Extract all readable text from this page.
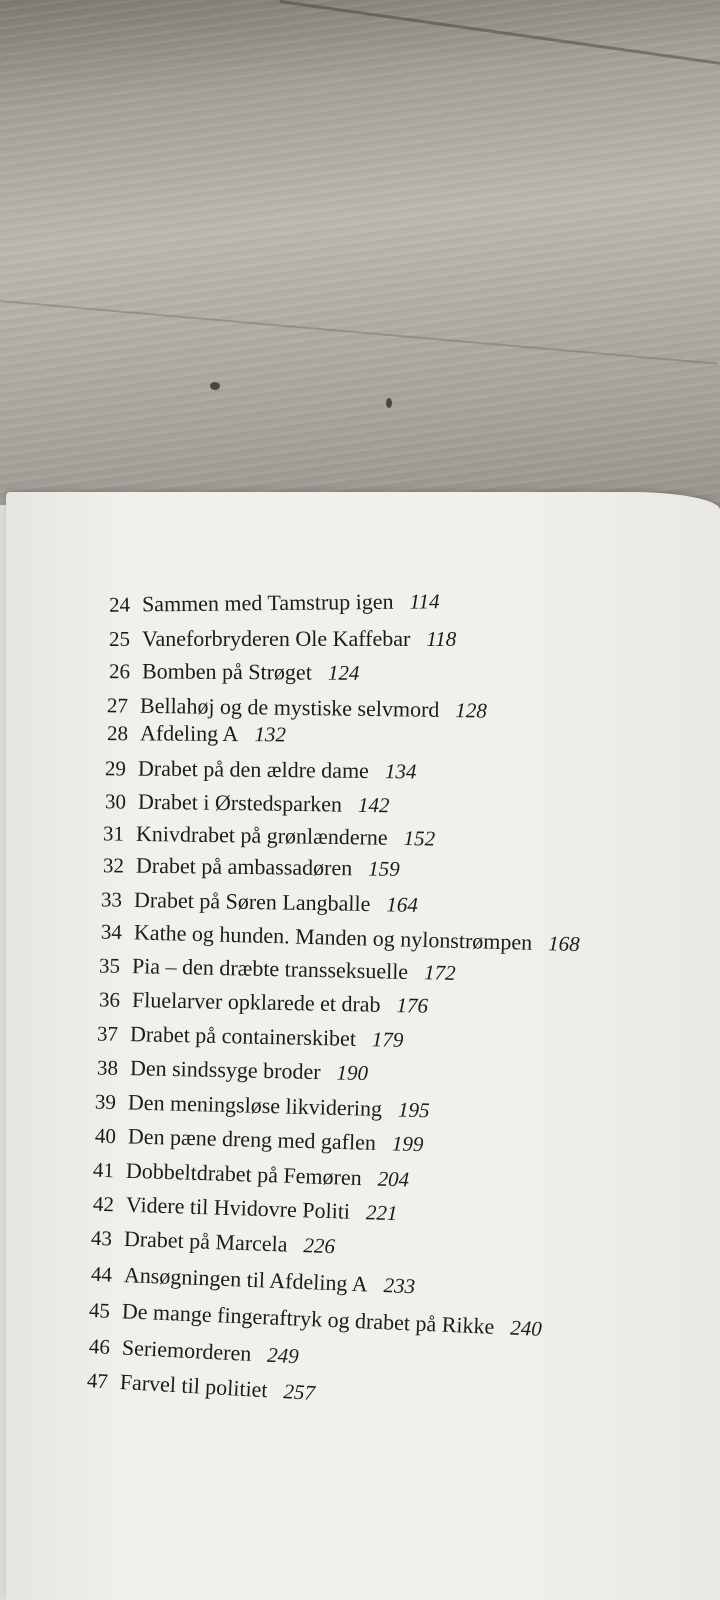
24 Sammen med Tamstrup igen 114
25 Vaneforbryderen Ole Kaffebar 118
26 Bomben på Strøget 124
27 Bellahøj og de mystiske selvmord 128
28 Afdeling A 132
29 Drabet på den ældre dame 134
30 Drabet i Ørstedsparken 142
31 Knivdrabet på grønlænderne 152
32 Drabet på ambassadøren 159
33 Drabet på Søren Langballe 164
34 Kathe og hunden. Manden og nylonstrømpen 168
35 Pia – den dræbte transseksuelle 172
36 Fluelarver opklarede et drab 176
37 Drabet på containerskibet 179
38 Den sindssyge broder 190
39 Den meningsløse likvidering 195
40 Den pæne dreng med gaflen 199
41 Dobbeltdrabet på Femøren 204
42 Videre til Hvidovre Politi 221
43 Drabet på Marcela 226
44 Ansøgningen til Afdeling A 233
45 De mange fingeraftryk og drabet på Rikke 240
46 Seriemorderen 249
47 Farvel til politiet 257
